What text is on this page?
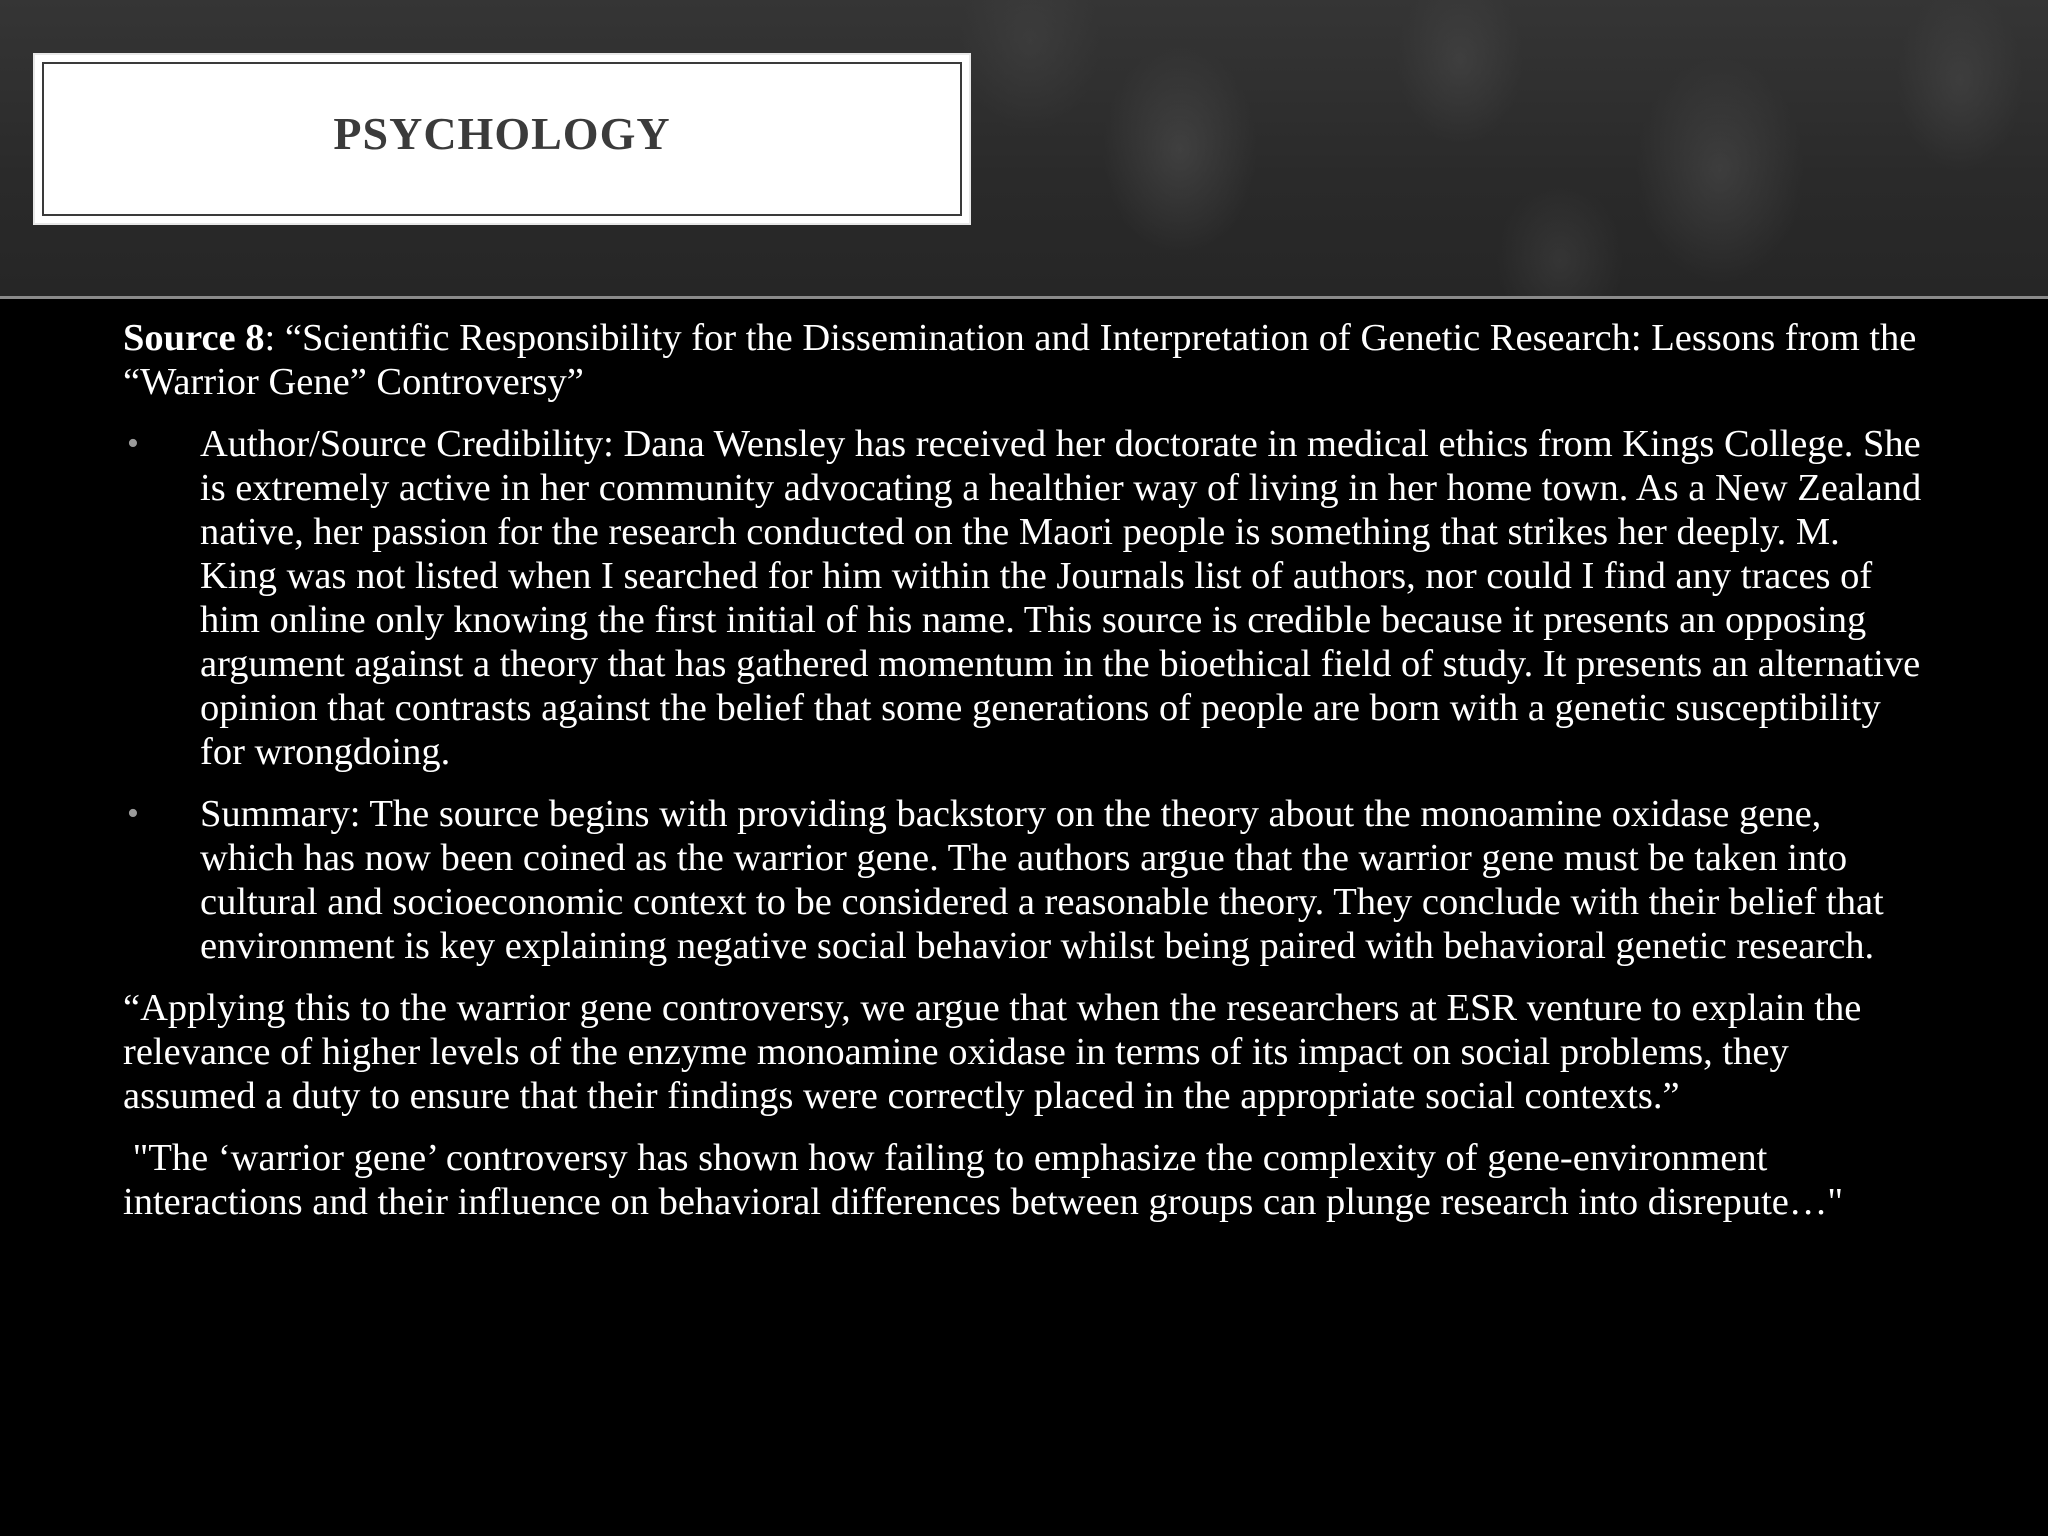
PSYCHOLOGY

Source 8: “Scientific Responsibility for the Dissemination and Interpretation of Genetic Research: Lessons from the “Warrior Gene” Controversy”

• Author/Source Credibility: Dana Wensley has received her doctorate in medical ethics from Kings College. She is extremely active in her community advocating a healthier way of living in her home town. As a New Zealand native, her passion for the research conducted on the Maori people is something that strikes her deeply. M. King was not listed when I searched for him within the Journals list of authors, nor could I find any traces of him online only knowing the first initial of his name. This source is credible because it presents an opposing argument against a theory that has gathered momentum in the bioethical field of study. It presents an alternative opinion that contrasts against the belief that some generations of people are born with a genetic susceptibility for wrongdoing.
• Summary: The source begins with providing backstory on the theory about the monoamine oxidase gene, which has now been coined as the warrior gene. The authors argue that the warrior gene must be taken into cultural and socioeconomic context to be considered a reasonable theory. They conclude with their belief that environment is key explaining negative social behavior whilst being paired with behavioral genetic research.

“Applying this to the warrior gene controversy, we argue that when the researchers at ESR venture to explain the relevance of higher levels of the enzyme monoamine oxidase in terms of its impact on social problems, they assumed a duty to ensure that their findings were correctly placed in the appropriate social contexts.”

"The ‘warrior gene’ controversy has shown how failing to emphasize the complexity of gene-environment interactions and their influence on behavioral differences between groups can plunge research into disrepute…"
